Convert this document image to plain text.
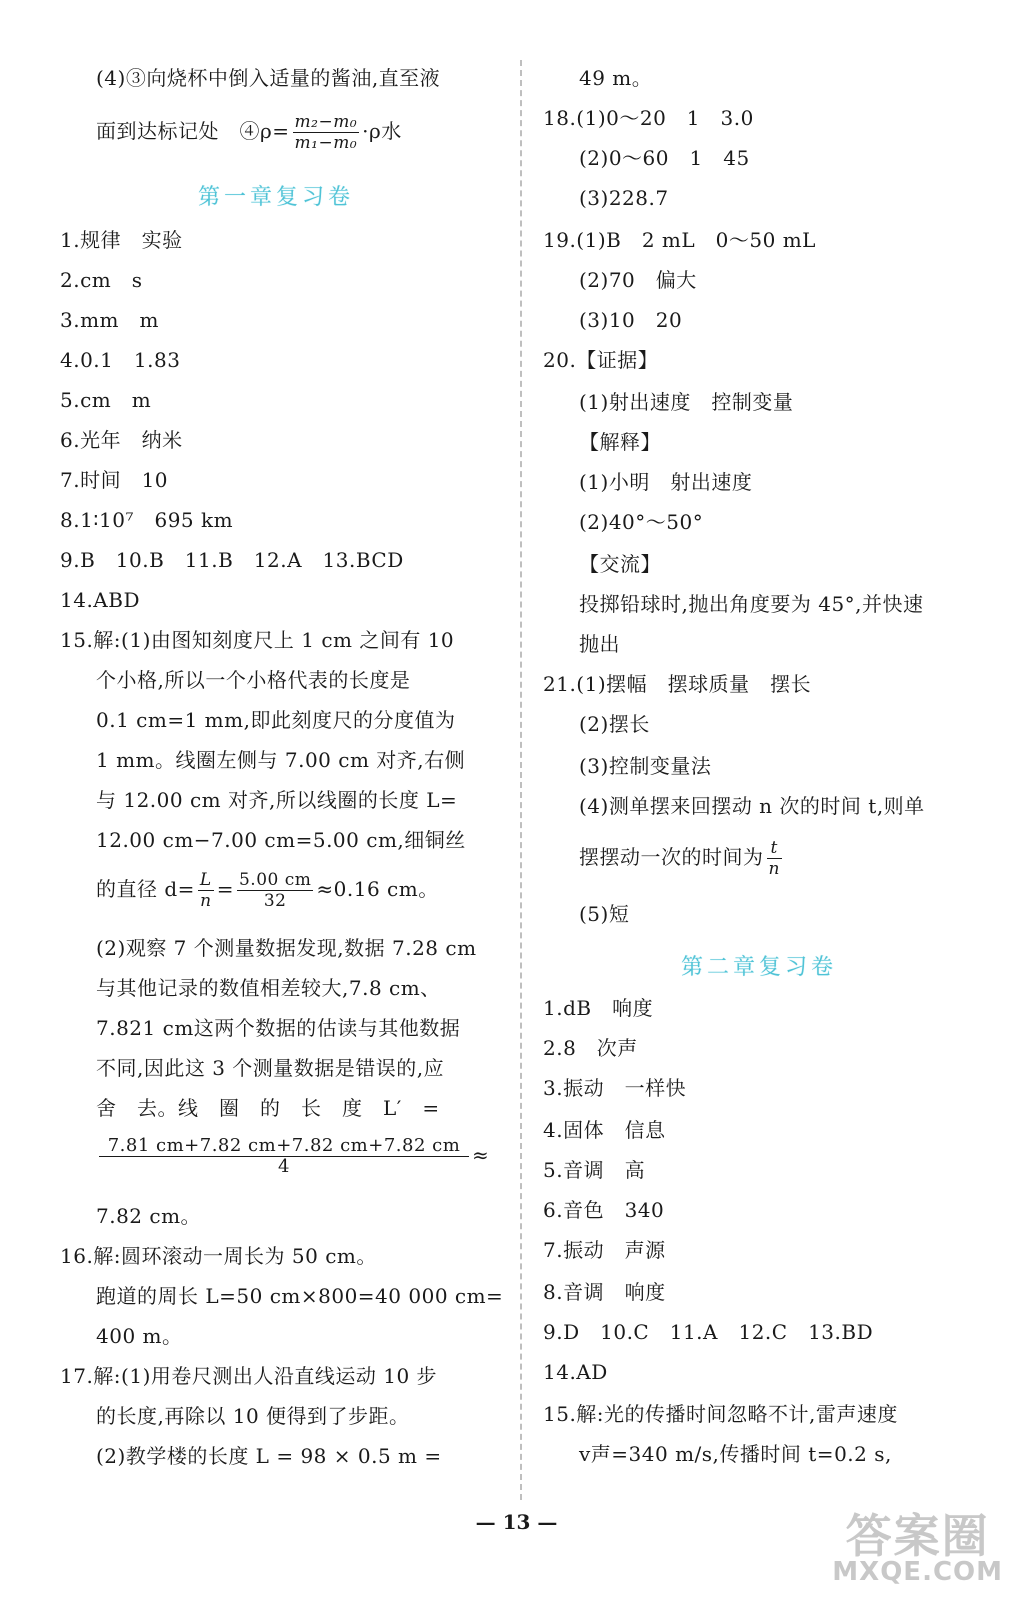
(4)③向烧杯中倒入适量的酱油,直至液
面到达标记处　④ρ= $\frac{\text{m₂−m₀}}{\text{m₁−m₀}} \cdot\rho$水
第一章复习卷
1.规律　实验
2.cm　s
3.mm　m
4.0.1　1.83
5.cm　m
6.光年　纳米
7.时间　10
8.1∶10⁷　695 km
9.B　10.B　11.B　12.A　13.BCD
14.ABD
15.解:(1)由图知刻度尺上 1 cm 之间有 10
个小格,所以一个小格代表的长度是
0.1 cm=1 mm,即此刻度尺的分度值为
1 mm。线圈左侧与 7.00 cm 对齐,右侧
与 12.00 cm 对齐,所以线圈的长度 L=
12.00 cm−7.00 cm=5.00 cm,细铜丝
的直径 $d= \frac{L}{n} = \frac{5.00 cm}{32} \approx 0.16$ cm。
(2)观察 7 个测量数据发现,数据 7.28 cm
与其他记录的数值相差较大,7.8 cm、
7.821 cm这两个数据的估读与其他数据
不同,因此这 3 个测量数据是错误的,应
舍　去。线　圈　的　长　度　L′　=
$\frac{7.81 cm+7.82 cm+7.82 cm+7.82 cm}{4}$ ≈
7.82 cm。
16.解:圆环滚动一周长为 50 cm。
跑道的周长 L=50 cm×800=40 000 cm=
400 m。
17.解:(1)用卷尺测出人沿直线运动 10 步
的长度,再除以 10 便得到了步距。
(2)教学楼的长度 L = 98 × 0.5 m =
49 m。
18.(1)0～20　1　3.0
(2)0～60　1　45
(3)228.7
19.(1)B　2 mL　0～50 mL
(2)70　偏大
(3)10　20
20.【证据】
(1)射出速度　控制变量
【解释】
(1)小明　射出速度
(2)40°～50°
【交流】
投掷铅球时,抛出角度要为 45°,并快速
抛出
21.(1)摆幅　摆球质量　摆长
(2)摆长
(3)控制变量法
(4)测单摆来回摆动 n 次的时间 t,则单
摆摆动一次的时间为 $\frac{t}{n}$
(5)短
第二章复习卷
1.dB　响度
2.8　次声
3.振动　一样快
4.固体　信息
5.音调　高
6.音色　340
7.振动　声源
8.音调　响度
9.D　10.C　11.A　12.C　13.BD
14.AD
15.解:光的传播时间忽略不计,雷声速度
v声=340 m/s,传播时间 t=0.2 s,
— 13 —	答案圈
MXQE.COM
